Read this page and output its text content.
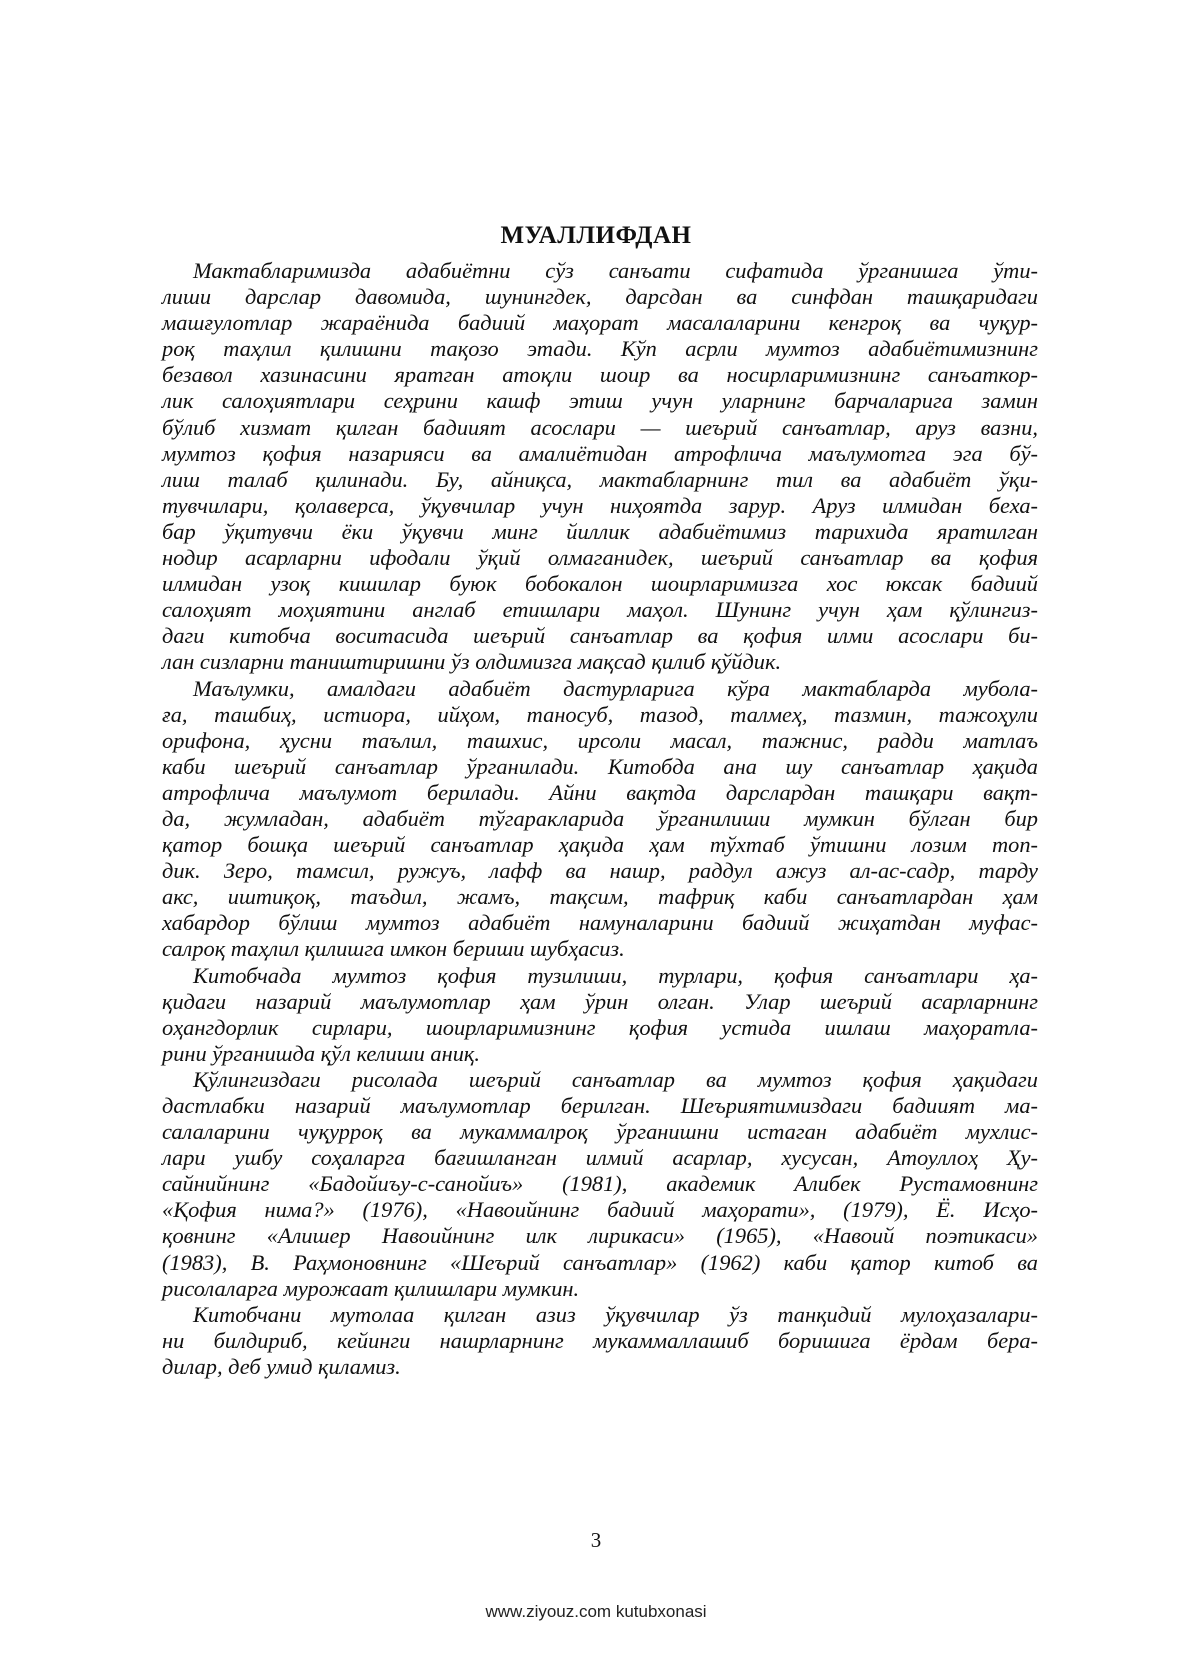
МУАЛЛИФДАН
Мактабларимизда адабиётни сўз санъати сифатида ўрганишга ўти-
лиши дарслар давомида, шунингдек, дарсдан ва синфдан ташқаридаги
машғулотлар жараёнида бадиий маҳорат масалаларини кенгроқ ва чуқур-
роқ таҳлил қилишни тақозо этади. Кўп асрли мумтоз адабиётимизнинг
безавол хазинасини яратган атоқли шоир ва носирларимизнинг санъаткор-
лик салоҳиятлари сеҳрини кашф этиш учун уларнинг барчаларига замин
бўлиб хизмат қилган бадиият асослари — шеърий санъатлар, аруз вазни,
мумтоз қофия назарияси ва амалиётидан атрофлича маълумотга эга бў-
лиш талаб қилинади. Бу, айниқса, мактабларнинг тил ва адабиёт ўқи-
тувчилари, қолаверса, ўқувчилар учун ниҳоятда зарур. Аруз илмидан беха-
бар ўқитувчи ёки ўқувчи минг йиллик адабиётимиз тарихида яратилган
нодир асарларни ифодали ўқий олмаганидек, шеърий санъатлар ва қофия
илмидан узоқ кишилар буюк бобокалон шоирларимизга хос юксак бадиий
салоҳият моҳиятини англаб етишлари маҳол. Шунинг учун ҳам қўлингиз-
даги китобча воситасида шеърий санъатлар ва қофия илми асослари би-
лан сизларни таништиришни ўз олдимизга мақсад қилиб қўйдик.
Маълумки, амалдаги адабиёт дастурларига кўра мактабларда мубола-
ғa, ташбиҳ, истиора, ийҳом, таносуб, тазод, талмеҳ, тазмин, тажоҳули
орифона, ҳусни таълил, ташхис, ирсоли масал, тажнис, радди матлаъ
каби шеърий санъатлар ўрганилади. Китобда ана шу санъатлар ҳақида
атрофлича маълумот берилади. Айни вақтда дарслардан ташқари вақт-
да, жумладан, адабиёт тўгаракларида ўрганилиши мумкин бўлган бир
қатор бошқа шеърий санъатлар ҳақида ҳам тўхтаб ўтишни лозим топ-
дик. Зеро, тамсил, ружуъ, лафф ва нашр, раддул ажуз ал-ас-садр, тарду
акс, иштиқоқ, таъдил, жамъ, тақсим, тафриқ каби санъатлардан ҳам
хабардор бўлиш мумтоз адабиёт намуналарини бадиий жиҳатдан муфас-
салроқ таҳлил қилишга имкон бериши шубҳасиз.
Китобчада мумтоз қофия тузилиши, турлари, қофия санъатлари ҳа-
қидаги назарий маълумотлар ҳам ўрин олган. Улар шеърий асарларнинг
оҳангдорлик сирлари, шоирларимизнинг қофия устида ишлаш маҳоратла-
рини ўрганишда қўл келиши аниқ.
Қўлингиздаги рисолада шеърий санъатлар ва мумтоз қофия ҳақидаги
дастлабки назарий маълумотлар берилган. Шеъриятимиздаги бадиият ма-
салаларини чуқурроқ ва мукаммалроқ ўрганишни истаган адабиёт мухлис-
лари ушбу соҳаларга бағишланган илмий асарлар, хусусан, Атоуллоҳ Ҳу-
сайнийнинг «Бадойиъу-с-санойиъ» (1981), академик Алибек Рустамовнинг
«Қофия нима?» (1976), «Навоийнинг бадиий маҳорати», (1979), Ё. Исҳо-
қовнинг «Алишер Навоийнинг илк лирикаси» (1965), «Навоий поэтикаси»
(1983), В. Раҳмоновнинг «Шеърий санъатлар» (1962) каби қатор китоб ва
рисолаларга мурожаат қилишлари мумкин.
Китобчани мутолаа қилган азиз ўқувчилар ўз танқидий мулоҳазалари-
ни билдириб, кейинги нашрларнинг мукаммаллашиб боришига ёрдам бера-
дилар, деб умид қиламиз.
3
www.ziyouz.com kutubxonasi
